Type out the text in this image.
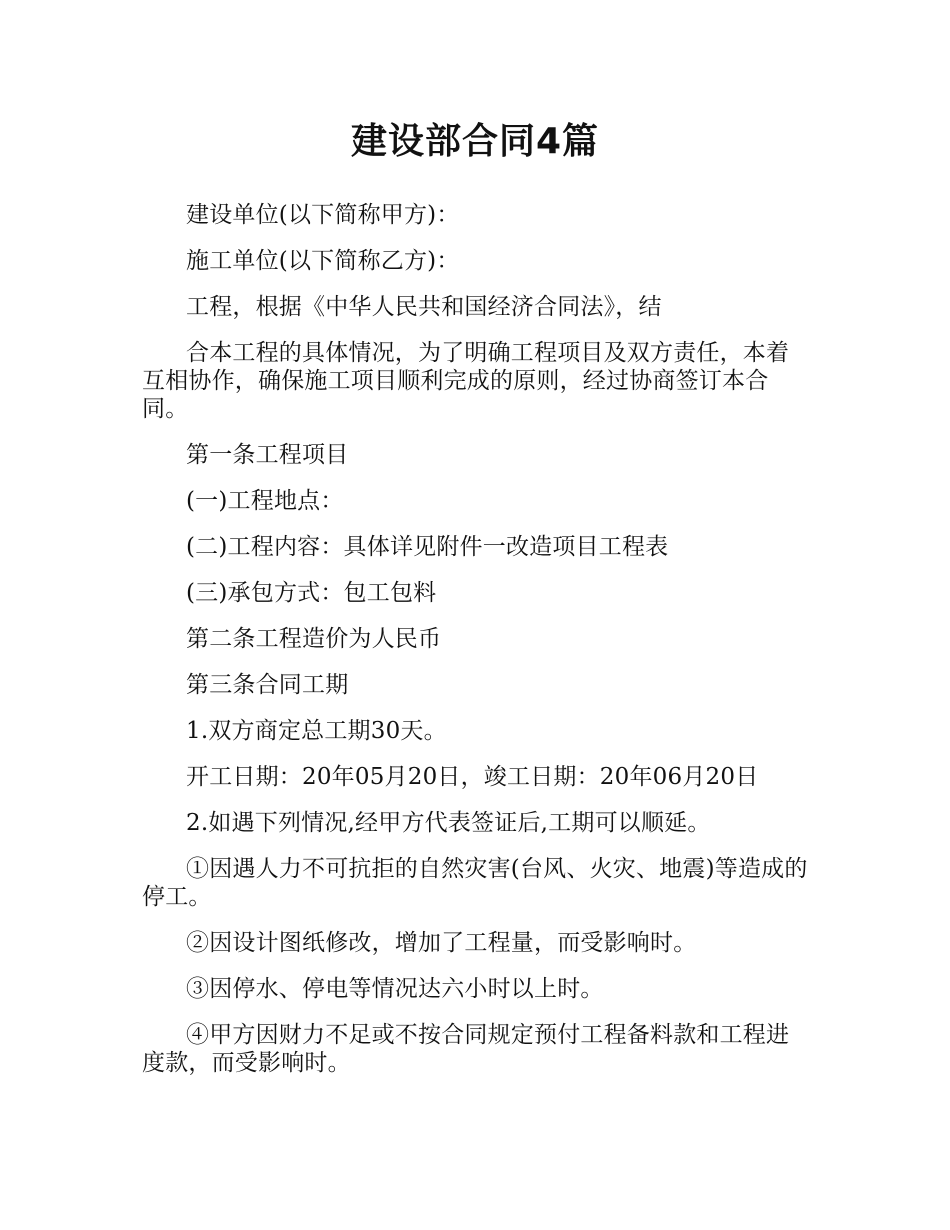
建设部合同4篇

建设单位(以下简称甲方)：

施工单位(以下简称乙方)：

工程，根据《中华人民共和国经济合同法》，结

合本工程的具体情况，为了明确工程项目及双方责任，本着互相协作，确保施工项目顺利完成的原则，经过协商签订本合同。

第一条工程项目

(一)工程地点：

(二)工程内容：具体详见附件一改造项目工程表

(三)承包方式：包工包料

第二条工程造价为人民币

第三条合同工期

1.双方商定总工期30天。

开工日期：20年05月20日，竣工日期：20年06月20日

2.如遇下列情况,经甲方代表签证后,工期可以顺延。

①因遇人力不可抗拒的自然灾害(台风、火灾、地震)等造成的停工。

②因设计图纸修改，增加了工程量，而受影响时。

③因停水、停电等情况达六小时以上时。

④甲方因财力不足或不按合同规定预付工程备料款和工程进度款，而受影响时。
